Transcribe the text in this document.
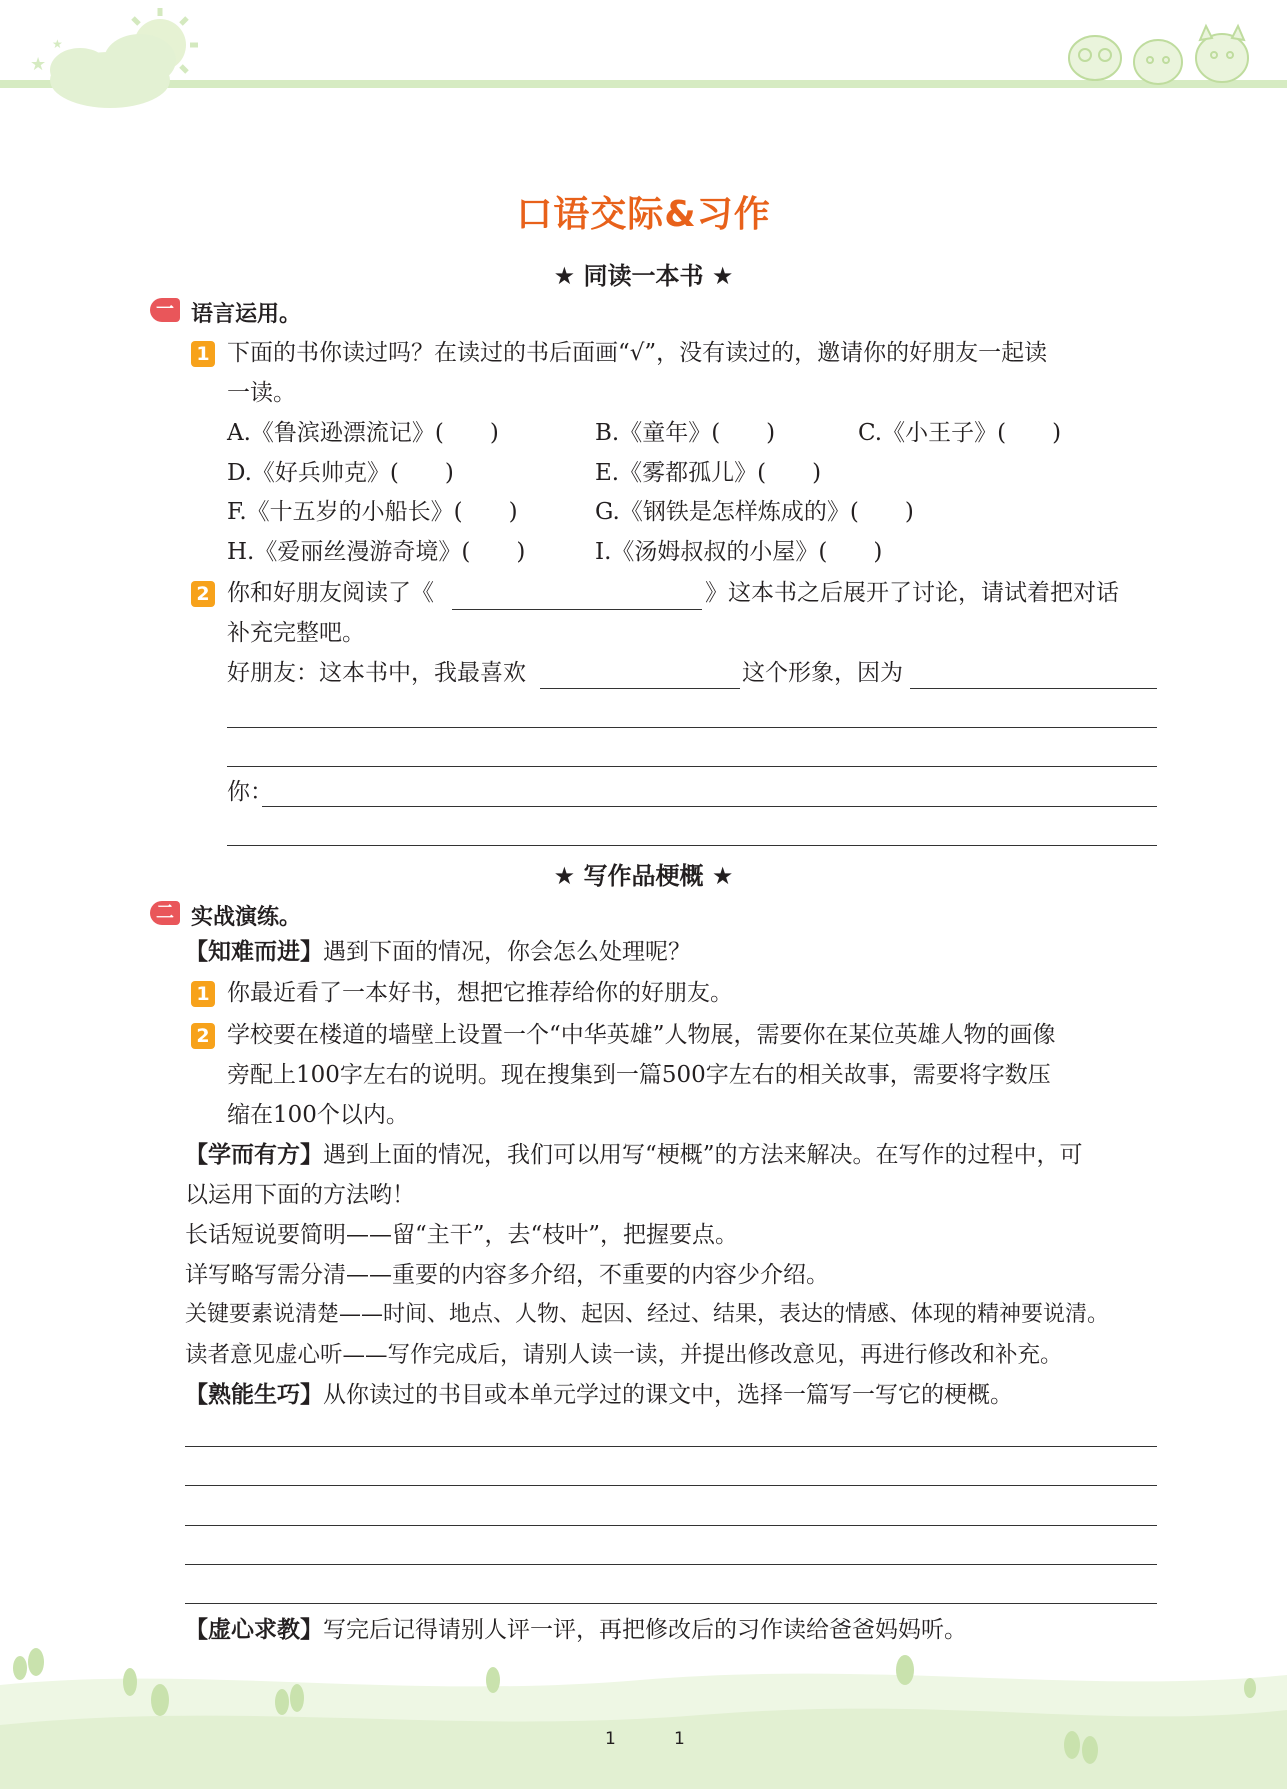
★
★
口语交际&习作
★ 同读一本书 ★
一 语言运用。
1 下面的书你读过吗？在读过的书后面画“√”，没有读过的，邀请你的好朋友一起读
一读。
A.《鲁滨逊漂流记》(　　)	B.《童年》(　　)	C.《小王子》(　　)
D.《好兵帅克》(　　)	E.《雾都孤儿》(　　)
F.《十五岁的小船长》(　　)	G.《钢铁是怎样炼成的》(　　)
H.《爱丽丝漫游奇境》(　　)	I.《汤姆叔叔的小屋》(　　)
2 你和好朋友阅读了《	》这本书之后展开了讨论，请试着把对话
补充完整吧。
好朋友：这本书中，我最喜欢	这个形象，因为
你：
★ 写作品梗概 ★
二 实战演练。
【知难而进】遇到下面的情况，你会怎么处理呢？
1 你最近看了一本好书，想把它推荐给你的好朋友。
2 学校要在楼道的墙壁上设置一个“中华英雄”人物展，需要你在某位英雄人物的画像
旁配上100字左右的说明。现在搜集到一篇500字左右的相关故事，需要将字数压
缩在100个以内。
【学而有方】遇到上面的情况，我们可以用写“梗概”的方法来解决。在写作的过程中，可
以运用下面的方法哟！
长话短说要简明——留“主干”，去“枝叶”，把握要点。
详写略写需分清——重要的内容多介绍，不重要的内容少介绍。
关键要素说清楚——时间、地点、人物、起因、经过、结果，表达的情感、体现的精神要说清。
读者意见虚心听——写作完成后，请别人读一读，并提出修改意见，再进行修改和补充。
【熟能生巧】从你读过的书目或本单元学过的课文中，选择一篇写一写它的梗概。
【虚心求教】写完后记得请别人评一评，再把修改后的习作读给爸爸妈妈听。
1	1
